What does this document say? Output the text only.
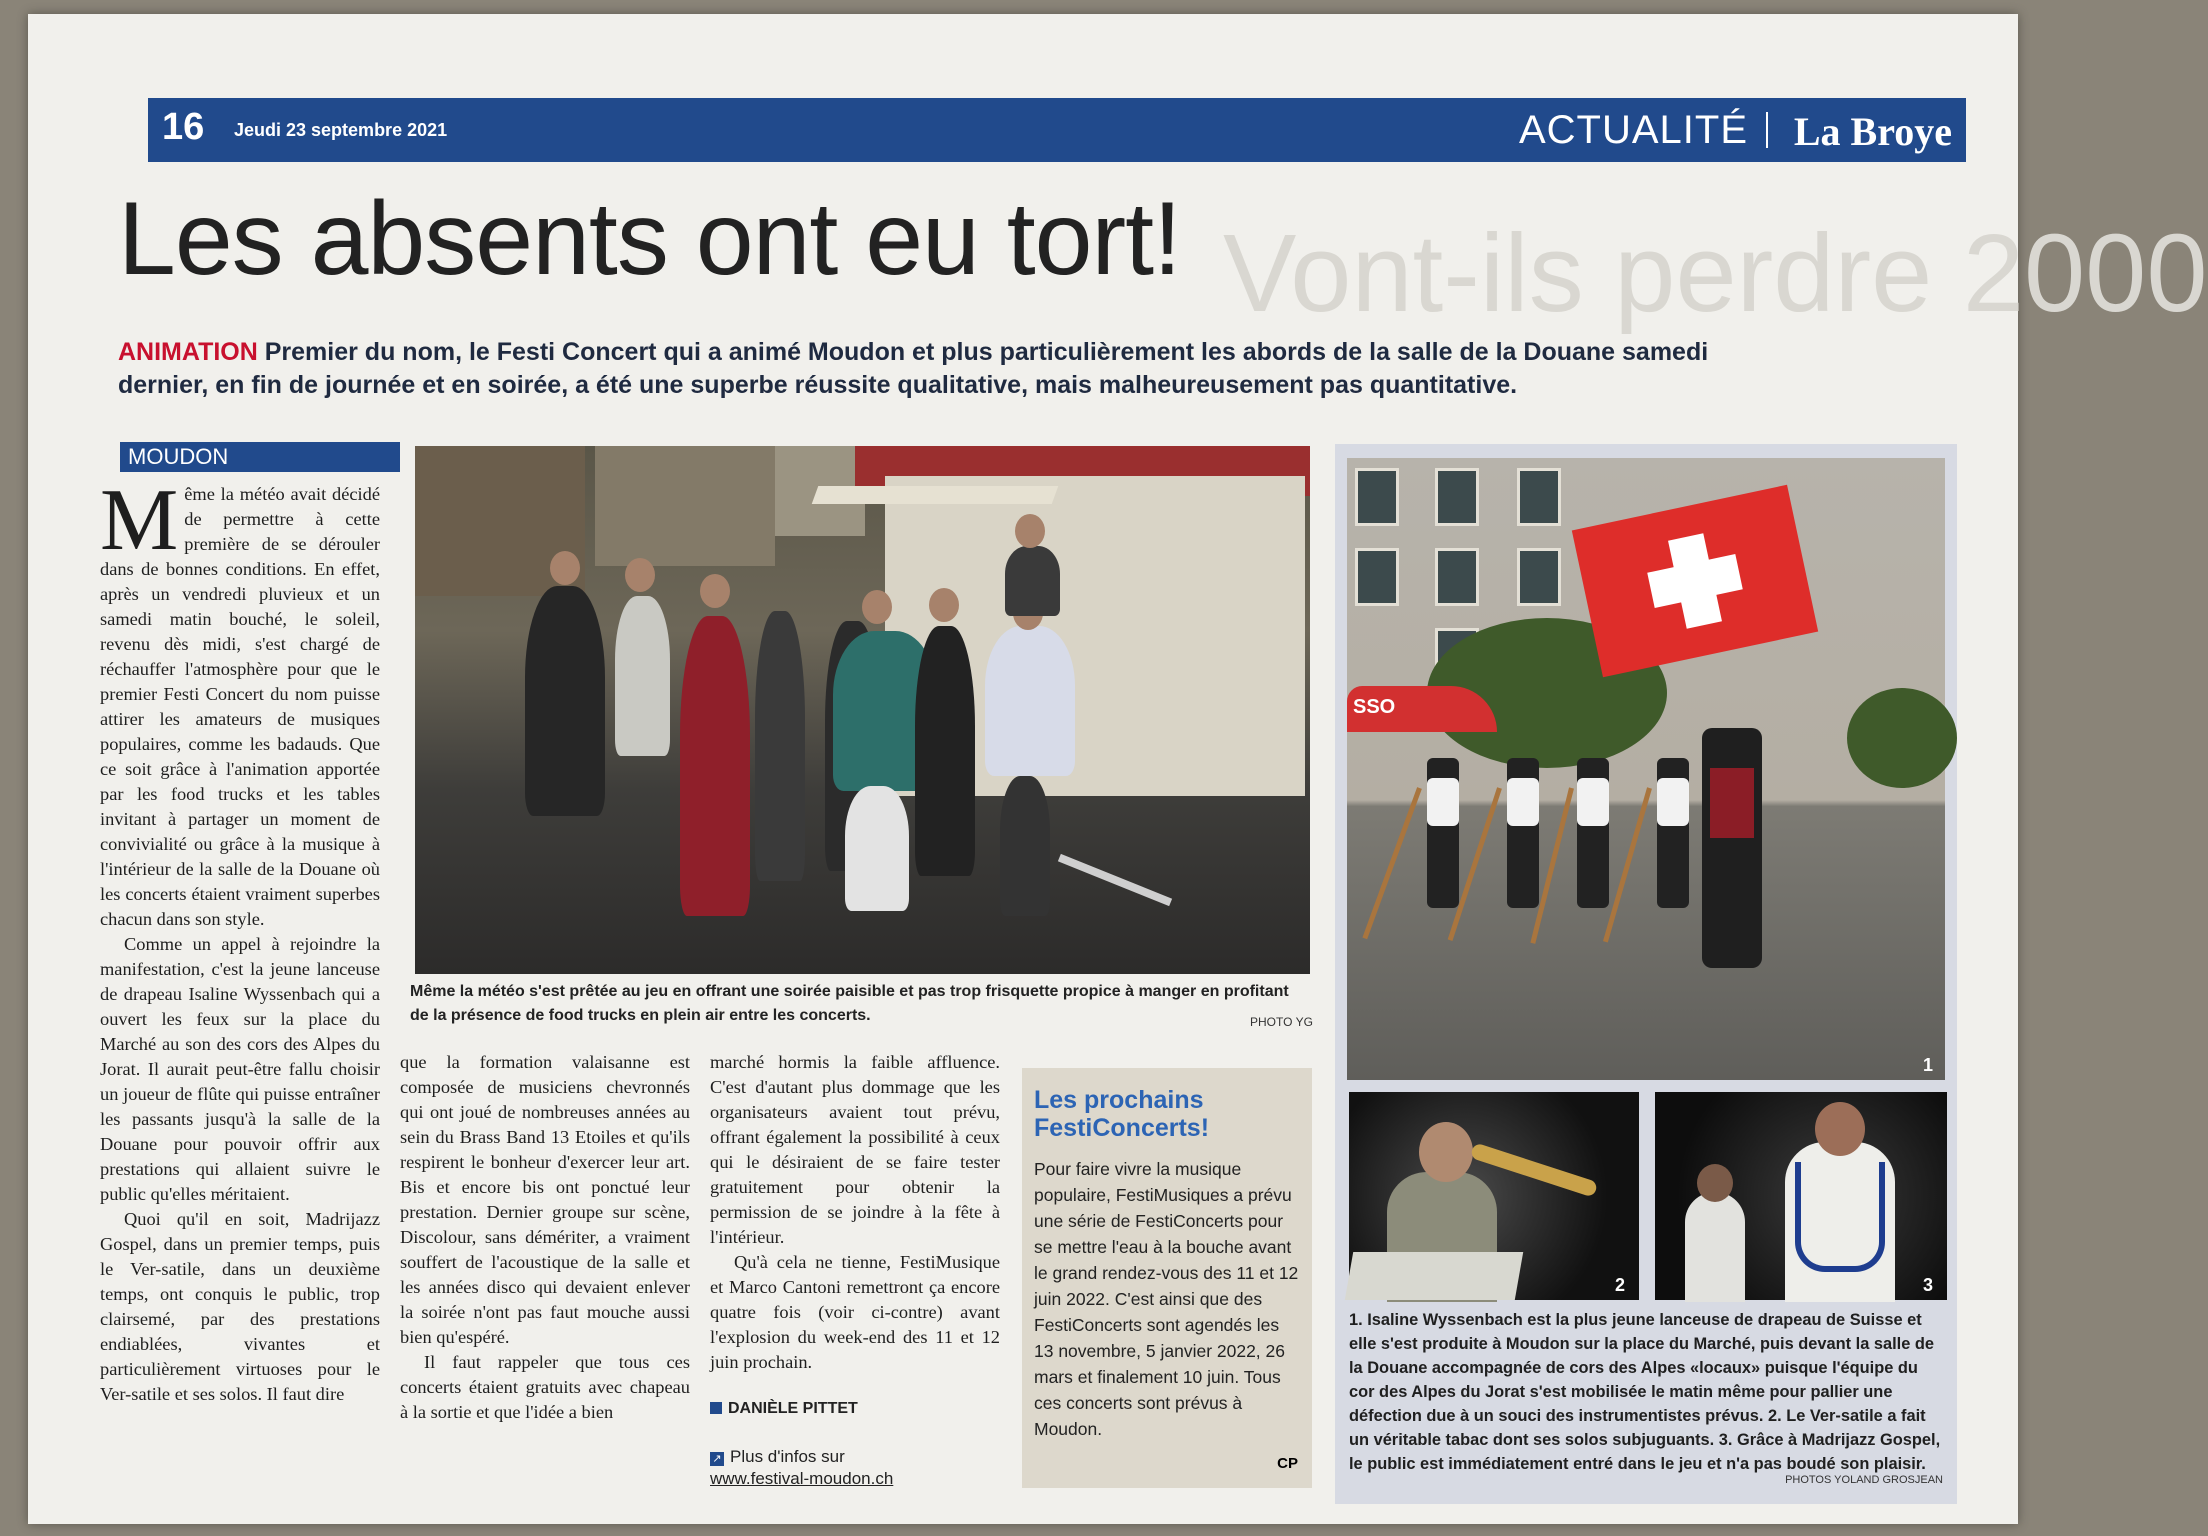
Vont-ils perdre 2000
16 Jeudi 23 septembre 2021	ACTUALITÉ La Broye
Les absents ont eu tort!
ANIMATION Premier du nom, le Festi Concert qui a animé Moudon et plus particulièrement les abords de la salle de la Douane samedi dernier, en fin de journée et en soirée, a été une superbe réussite qualitative, mais malheureusement pas quantitative.
MOUDON

Même la météo avait décidé de permettre à cette première de se dérouler dans de bonnes conditions. En effet, après un vendredi pluvieux et un samedi matin bouché, le soleil, revenu dès midi, s'est chargé de réchauffer l'atmosphère pour que le premier Festi Concert du nom puisse attirer les amateurs de musiques populaires, comme les badauds. Que ce soit grâce à l'animation apportée par les food trucks et les tables invitant à partager un moment de convivialité ou grâce à la musique à l'intérieur de la salle de la Douane où les concerts étaient vraiment superbes chacun dans son style.

Comme un appel à rejoindre la manifestation, c'est la jeune lanceuse de drapeau Isaline Wyssenbach qui a ouvert les feux sur la place du Marché au son des cors des Alpes du Jorat. Il aurait peut-être fallu choisir un joueur de flûte qui puisse entraîner les passants jusqu'à la salle de la Douane pour pouvoir offrir aux prestations qui allaient suivre le public qu'elles méritaient.

Quoi qu'il en soit, Madrijazz Gospel, dans un premier temps, puis le Ver-satile, dans un deuxième temps, ont conquis le public, trop clairsemé, par des prestations endiablées, vivantes et particulièrement virtuoses pour le Ver-satile et ses solos. Il faut dire

que la formation valaisanne est composée de musiciens chevronnés qui ont joué de nombreuses années au sein du Brass Band 13 Etoiles et qu'ils respirent le bonheur d'exercer leur art. Bis et encore bis ont ponctué leur prestation. Dernier groupe sur scène, Discolour, sans démériter, a vraiment souffert de l'acoustique de la salle et les années disco qui devaient enlever la soirée n'ont pas faut mouche aussi bien qu'espéré.

Il faut rappeler que tous ces concerts étaient gratuits avec chapeau à la sortie et que l'idée a bien

marché hormis la faible affluence. C'est d'autant plus dommage que les organisateurs avaient tout prévu, offrant également la possibilité à ceux qui le désiraient de se faire tester gratuitement pour obtenir la permission de se joindre à la fête à l'intérieur.

Qu'à cela ne tienne, FestiMusique et Marco Cantoni remettront ça encore quatre fois (voir ci-contre) avant l'explosion du week-end des 11 et 12 juin prochain.

DANIÈLE PITTET
↗ Plus d'infos sur
www.festival-moudon.ch
Même la météo s'est prêtée au jeu en offrant une soirée paisible et pas trop frisquette propice à manger en profitant de la présence de food trucks en plein air entre les concerts.	PHOTO YG
Les prochains FestiConcerts!
Pour faire vivre la musique populaire, FestiMusiques a prévu une série de FestiConcerts pour se mettre l'eau à la bouche avant le grand rendez-vous des 11 et 12 juin 2022. C'est ainsi que des FestiConcerts sont agendés les 13 novembre, 5 janvier 2022, 26 mars et finalement 10 juin. Tous ces concerts sont prévus à Moudon.
CP
SSO
1
2	3
1. Isaline Wyssenbach est la plus jeune lanceuse de drapeau de Suisse et elle s'est produite à Moudon sur la place du Marché, puis devant la salle de la Douane accompagnée de cors des Alpes «locaux» puisque l'équipe du cor des Alpes du Jorat s'est mobilisée le matin même pour pallier une défection due à un souci des instrumentistes prévus. 2. Le Ver-satile a fait un véritable tabac dont ses solos subjuguants. 3. Grâce à Madrijazz Gospel, le public est immédiatement entré dans le jeu et n'a pas boudé son plaisir.
PHOTOS YOLAND GROSJEAN
